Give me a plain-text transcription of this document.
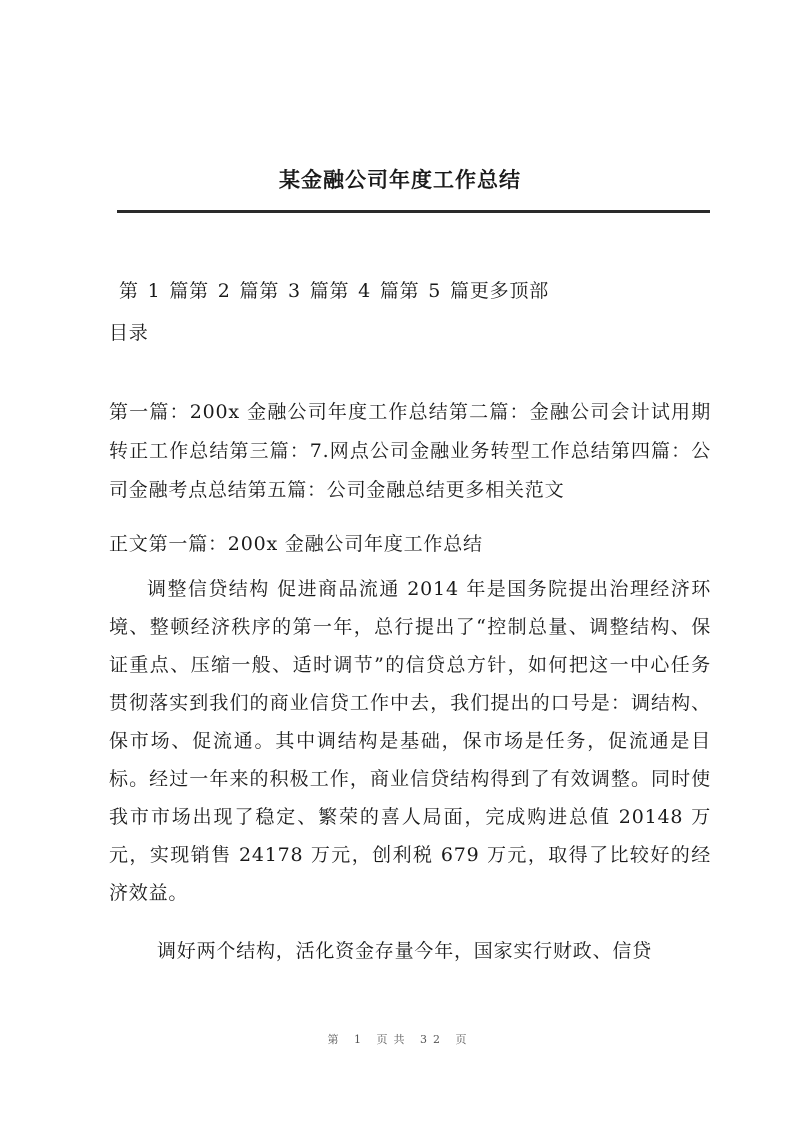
某金融公司年度工作总结
第 1 篇第 2 篇第 3 篇第 4 篇第 5 篇更多顶部
目录
第一篇：200x 金融公司年度工作总结第二篇：金融公司会计试用期转正工作总结第三篇：7.网点公司金融业务转型工作总结第四篇：公司金融考点总结第五篇：公司金融总结更多相关范文
正文第一篇：200x 金融公司年度工作总结
调整信贷结构 促进商品流通 2014 年是国务院提出治理经济环境、整顿经济秩序的第一年，总行提出了“控制总量、调整结构、保证重点、压缩一般、适时调节”的信贷总方针，如何把这一中心任务贯彻落实到我们的商业信贷工作中去，我们提出的口号是：调结构、保市场、促流通。其中调结构是基础，保市场是任务，促流通是目标。经过一年来的积极工作，商业信贷结构得到了有效调整。同时使我市市场出现了稳定、繁荣的喜人局面，完成购进总值 20148 万元，实现销售 24178 万元，创利税 679 万元，取得了比较好的经济效益。
调好两个结构，活化资金存量今年，国家实行财政、信贷
第 1 页共 32 页
